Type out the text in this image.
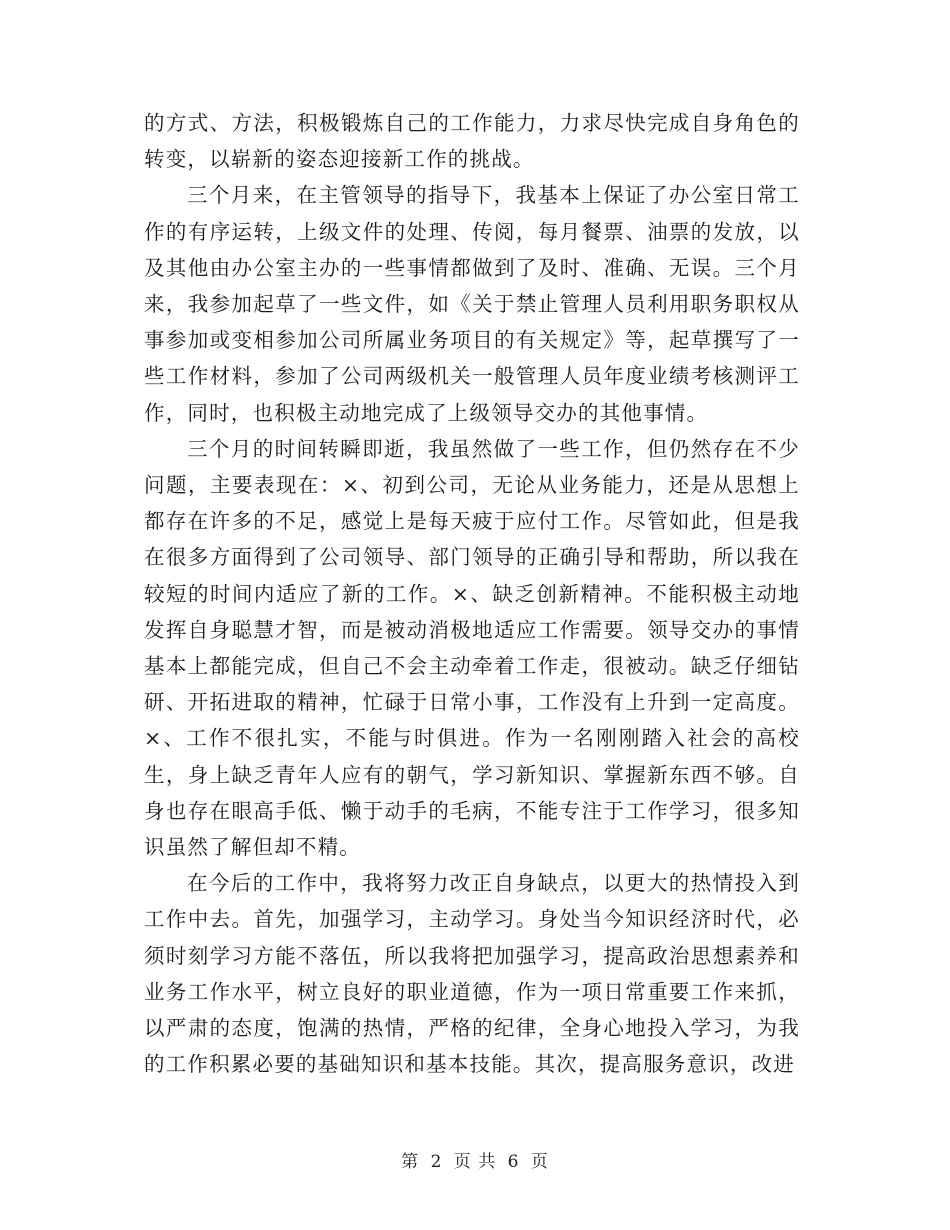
的方式、方法，积极锻炼自己的工作能力，力求尽快完成自身角色的转变，以崭新的姿态迎接新工作的挑战。

三个月来，在主管领导的指导下，我基本上保证了办公室日常工作的有序运转，上级文件的处理、传阅，每月餐票、油票的发放，以及其他由办公室主办的一些事情都做到了及时、准确、无误。三个月来，我参加起草了一些文件，如《关于禁止管理人员利用职务职权从事参加或变相参加公司所属业务项目的有关规定》等，起草撰写了一些工作材料，参加了公司两级机关一般管理人员年度业绩考核测评工作，同时，也积极主动地完成了上级领导交办的其他事情。

三个月的时间转瞬即逝，我虽然做了一些工作，但仍然存在不少问题，主要表现在：×、初到公司，无论从业务能力，还是从思想上都存在许多的不足，感觉上是每天疲于应付工作。尽管如此，但是我在很多方面得到了公司领导、部门领导的正确引导和帮助，所以我在较短的时间内适应了新的工作。×、缺乏创新精神。不能积极主动地发挥自身聪慧才智，而是被动消极地适应工作需要。领导交办的事情基本上都能完成，但自己不会主动牵着工作走，很被动。缺乏仔细钻研、开拓进取的精神，忙碌于日常小事，工作没有上升到一定高度。×、工作不很扎实，不能与时俱进。作为一名刚刚踏入社会的高校生，身上缺乏青年人应有的朝气，学习新知识、掌握新东西不够。自身也存在眼高手低、懒于动手的毛病，不能专注于工作学习，很多知识虽然了解但却不精。

在今后的工作中，我将努力改正自身缺点，以更大的热情投入到工作中去。首先，加强学习，主动学习。身处当今知识经济时代，必须时刻学习方能不落伍，所以我将把加强学习，提高政治思想素养和业务工作水平，树立良好的职业道德，作为一项日常重要工作来抓，以严肃的态度，饱满的热情，严格的纪律，全身心地投入学习，为我的工作积累必要的基础知识和基本技能。其次，提高服务意识，改进

第 2 页 共 6 页
